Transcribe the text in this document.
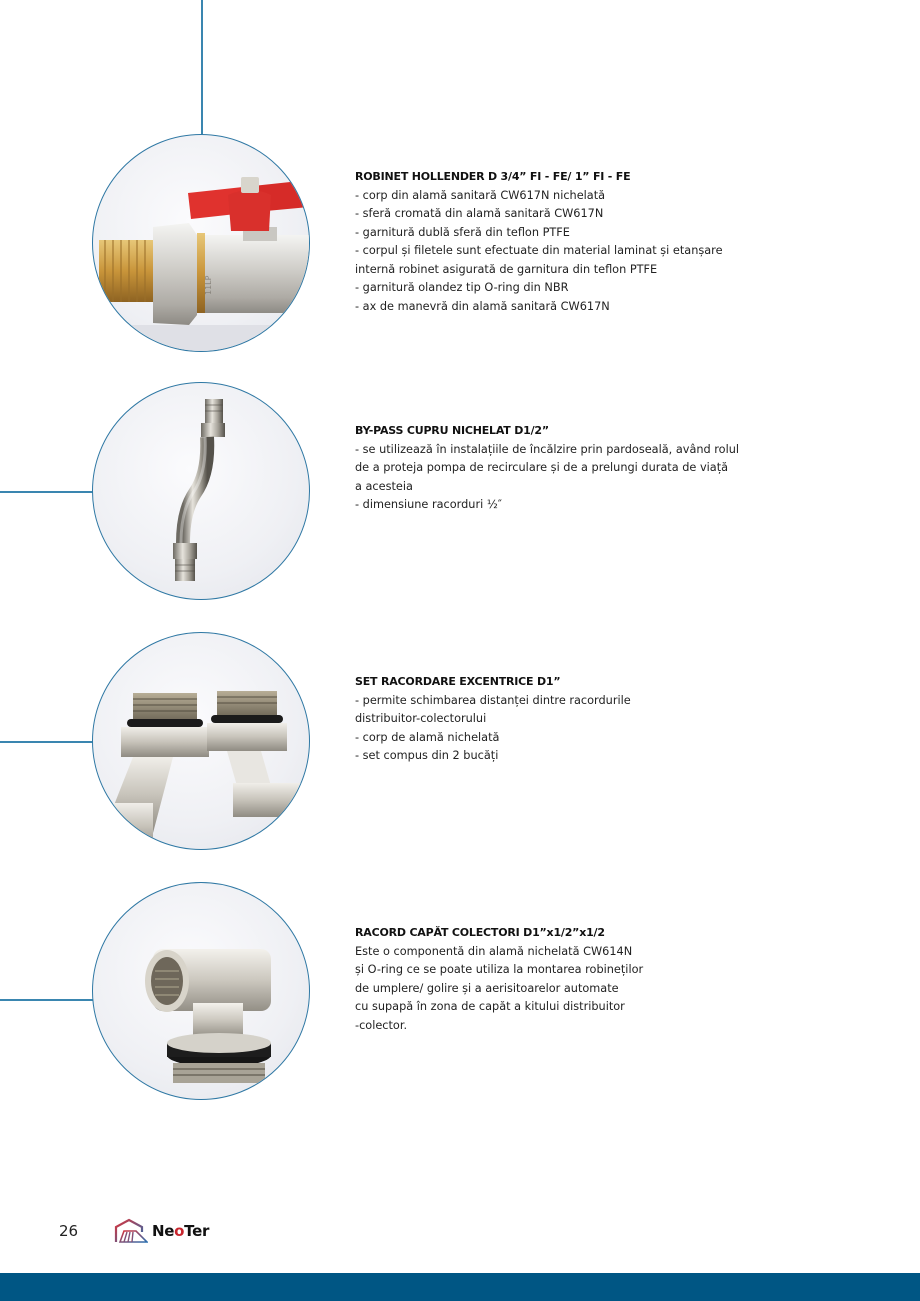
11LP

ROBINET HOLLENDER D 3/4” FI - FE/ 1” FI - FE

- corp din alamă sanitară CW617N nichelată

- sferă cromată din alamă sanitară CW617N

- garnitură dublă sferă din teflon PTFE

- corpul și filetele sunt efectuate din material laminat și etanșare

internă robinet asigurată de garnitura din teflon PTFE

- garnitură olandez tip O-ring din NBR

- ax de manevră din alamă sanitară CW617N

BY-PASS CUPRU NICHELAT D1/2”

- se utilizează în instalațiile de încălzire prin pardoseală, având rolul

de a proteja pompa de recirculare și de a prelungi durata de viață

a acesteia

- dimensiune racorduri ½″

SET RACORDARE EXCENTRICE D1”

- permite schimbarea distanței dintre racordurile

distribuitor-colectorului

- corp de alamă nichelată

- set compus din 2 bucăți

RACORD CAPĂT COLECTORI D1”x1/2”x1/2

Este o componentă din alamă nichelată CW614N

și O-ring ce se poate utiliza la montarea robineților

de umplere/ golire și a aerisitoarelor automate

cu supapă în zona de capăt a kitului distribuitor

-colector.

26	NeoTer
